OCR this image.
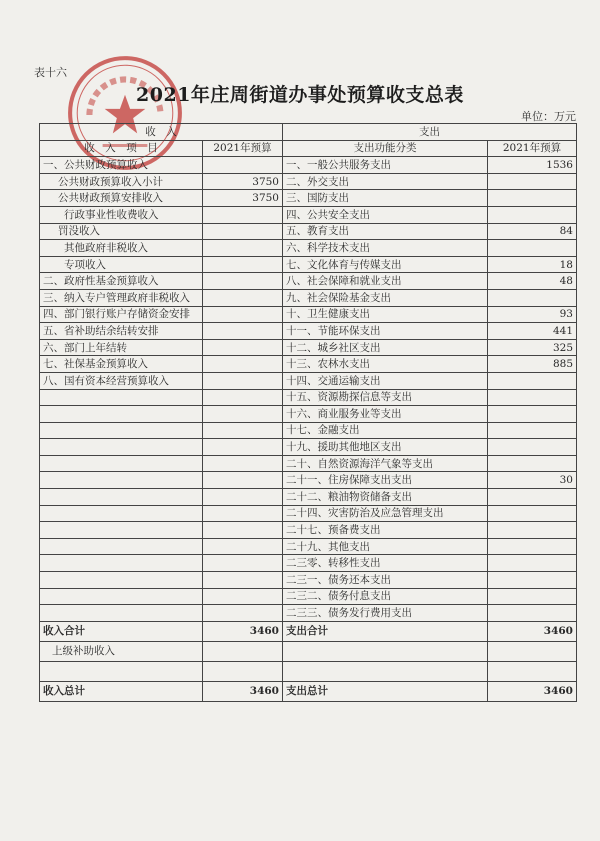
表十六
2021年庄周街道办事处预算收支总表
单位：万元
收　入		支出	
收　入　项　目	2021年预算	支出功能分类	2021年预算
一、公共财政预算收入		一、一般公共服务支出	1536
公共财政预算收入小计	3750	二、外交支出	
公共财政预算安排收入	3750	三、国防支出	
行政事业性收费收入		四、公共安全支出	
罚没收入		五、教育支出	84
其他政府非税收入		六、科学技术支出	
专项收入		七、文化体育与传媒支出	18
二、政府性基金预算收入		八、社会保障和就业支出	48
三、纳入专户管理政府非税收入		九、社会保险基金支出	
四、部门银行账户存储资金安排		十、卫生健康支出	93
五、省补助结余结转安排		十一、节能环保支出	441
六、部门上年结转		十二、城乡社区支出	325
七、社保基金预算收入		十三、农林水支出	885
八、国有资本经营预算收入		十四、交通运输支出	
		十五、资源勘探信息等支出	
		十六、商业服务业等支出	
		十七、金融支出	
		十九、援助其他地区支出	
		二十、自然资源海洋气象等支出	
		二十一、住房保障支出支出	30
		二十二、粮油物资储备支出	
		二十四、灾害防治及应急管理支出	
		二十七、预备费支出	
		二十九、其他支出	
		二三零、转移性支出	
		二三一、债务还本支出	
		二三二、债务付息支出	
		二三三、债务发行费用支出	
收入合计	3460	支出合计	3460
上级补助收入			

收入总计	3460	支出总计	3460
